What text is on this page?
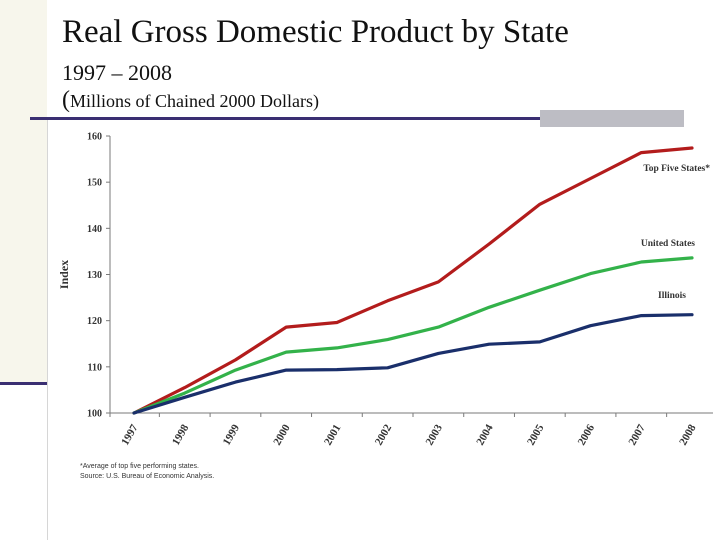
Real Gross Domestic Product by State
1997 – 2008
(Millions of Chained 2000 Dollars)
100
110
120
130
140
150
160
Index
1997	1998	1999	2000	2001	2002	2003	2004	2005	2006	2007	2008
Top Five States*
United States
Illinois
*Average of top five performing states.
Source: U.S. Bureau of Economic Analysis.
